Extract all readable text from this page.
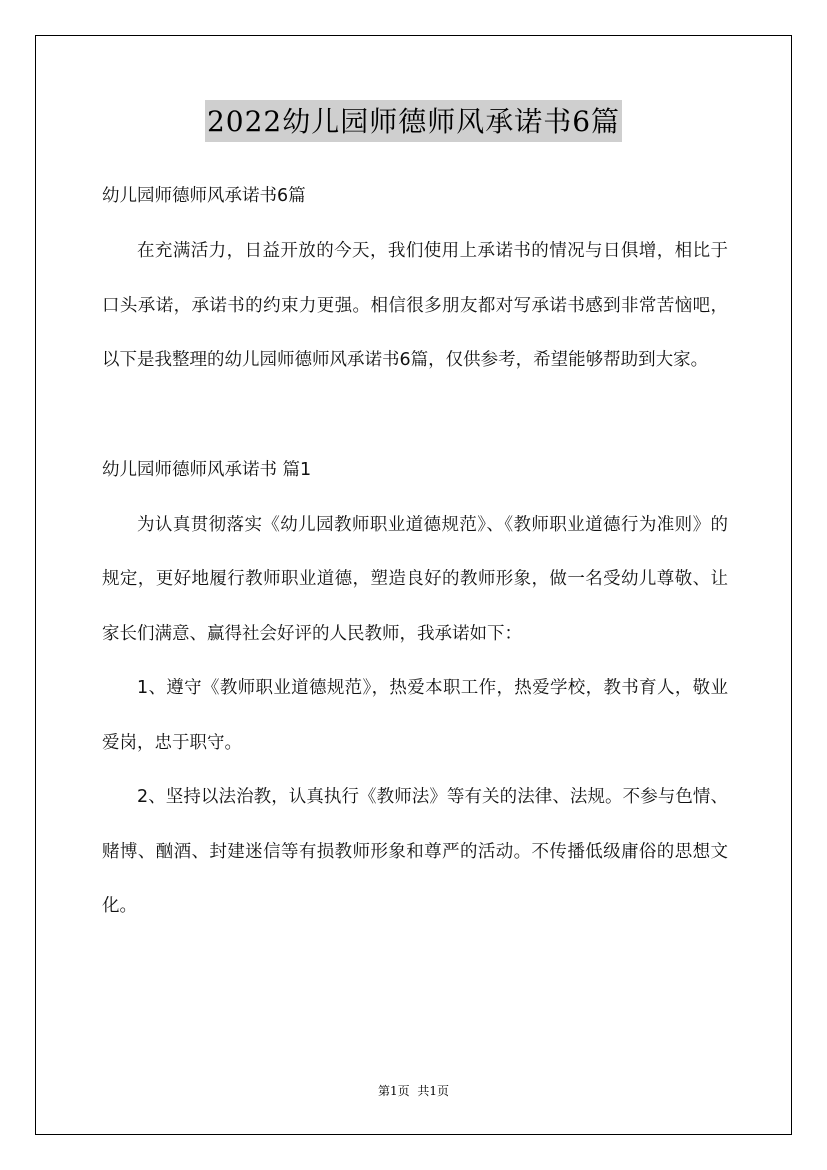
2022幼儿园师德师风承诺书6篇

幼儿园师德师风承诺书6篇

在充满活力，日益开放的今天，我们使用上承诺书的情况与日俱增，相比于口头承诺，承诺书的约束力更强。相信很多朋友都对写承诺书感到非常苦恼吧，以下是我整理的幼儿园师德师风承诺书6篇，仅供参考，希望能够帮助到大家。

幼儿园师德师风承诺书 篇1

为认真贯彻落实《幼儿园教师职业道德规范》、《教师职业道德行为准则》的规定，更好地履行教师职业道德，塑造良好的教师形象，做一名受幼儿尊敬、让家长们满意、赢得社会好评的人民教师，我承诺如下：

1、遵守《教师职业道德规范》，热爱本职工作，热爱学校，教书育人，敬业爱岗，忠于职守。

2、坚持以法治教，认真执行《教师法》等有关的法律、法规。不参与色情、赌博、酗酒、封建迷信等有损教师形象和尊严的活动。不传播低级庸俗的思想文化。

第1页 共1页
